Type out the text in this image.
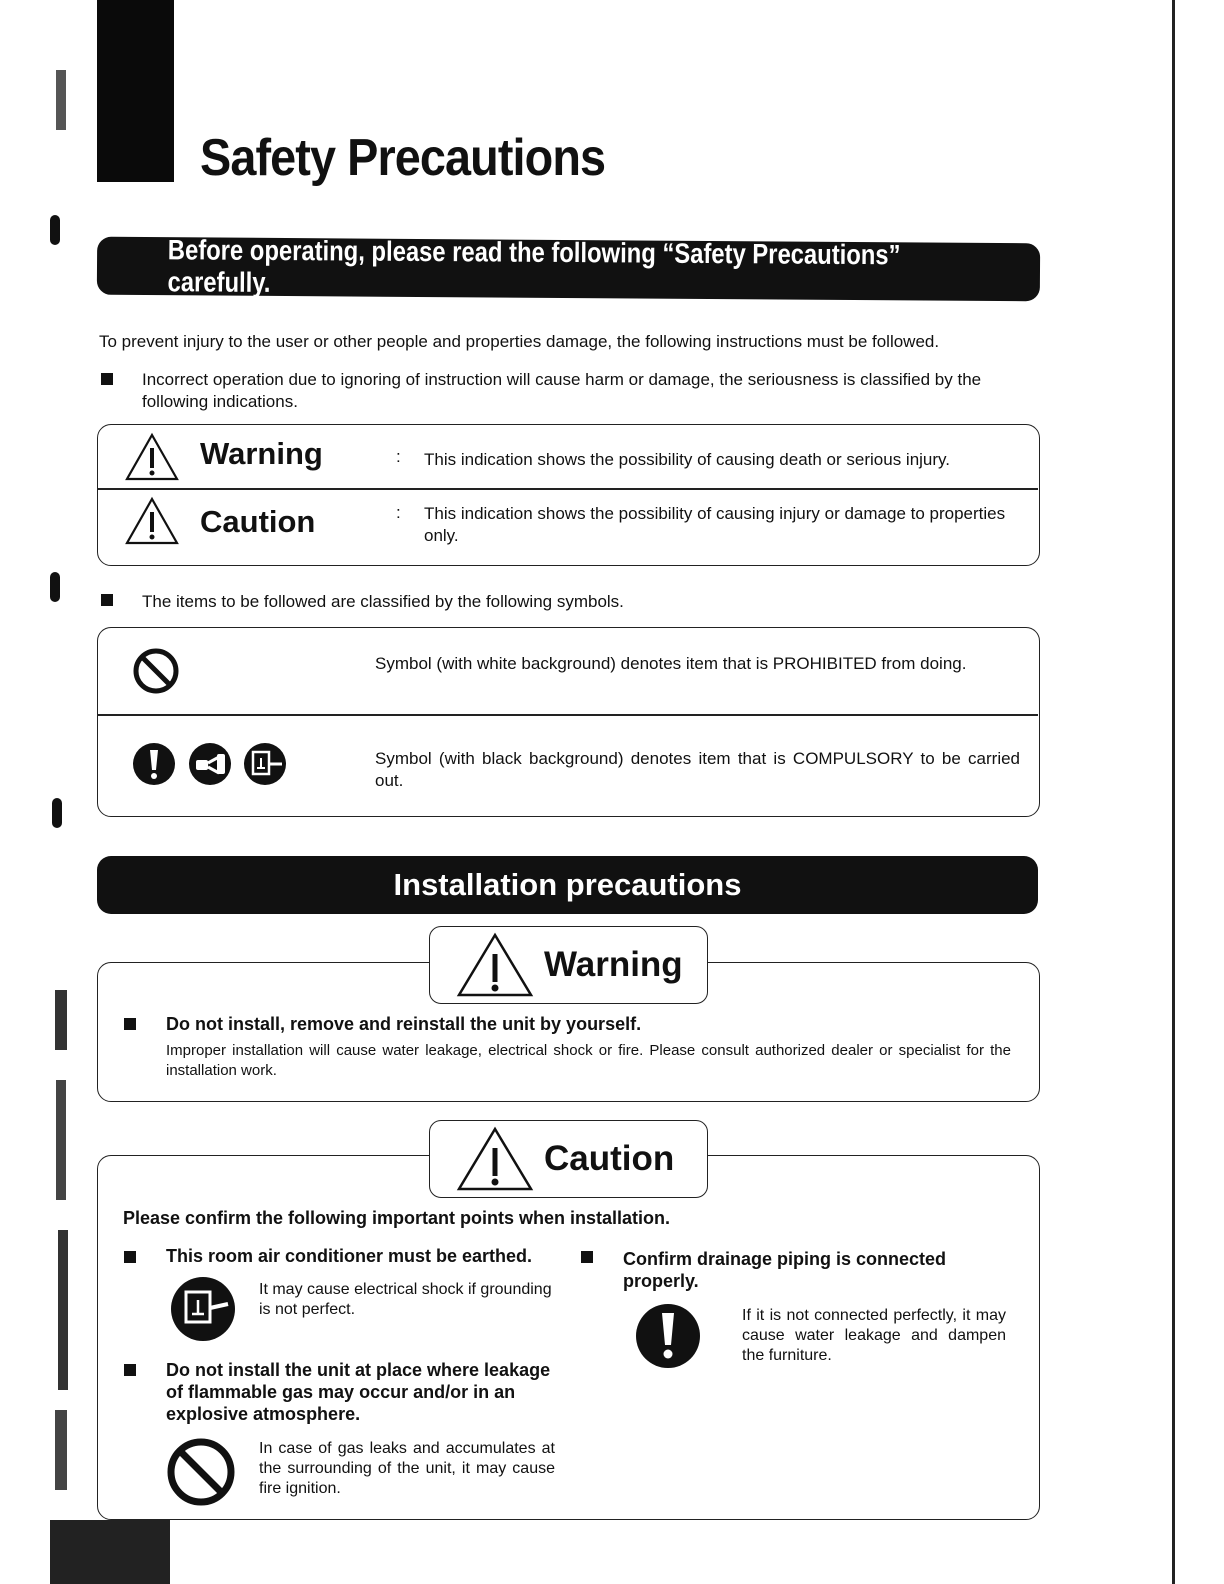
Safety Precautions
Before operating, please read the following “Safety Precautions” carefully.
To prevent injury to the user or other people and properties damage, the following instructions must be followed.
Incorrect operation due to ignoring of instruction will cause harm or damage, the seriousness is classified by the following indications.
Warning	: This indication shows the possibility of causing death or serious injury.
Caution	: This indication shows the possibility of causing injury or damage to properties only.
The items to be followed are classified by the following symbols.
Symbol (with white background) denotes item that is PROHIBITED from doing.
Symbol (with black background) denotes item that is COMPULSORY to be carried out.
Installation precautions
Warning
Do not install, remove and reinstall the unit by yourself.
Improper installation will cause water leakage, electrical shock or fire. Please consult authorized dealer or specialist for the installation work.
Caution
Please confirm the following important points when installation.
This room air conditioner must be earthed.
It may cause electrical shock if grounding is not perfect.
Do not install the unit at place where leakage of flammable gas may occur and/or in an explosive atmosphere.
In case of gas leaks and accumulates at the surrounding of the unit, it may cause fire ignition.
Confirm drainage piping is connected properly.
If it is not connected perfectly, it may cause water leakage and dampen the furniture.
